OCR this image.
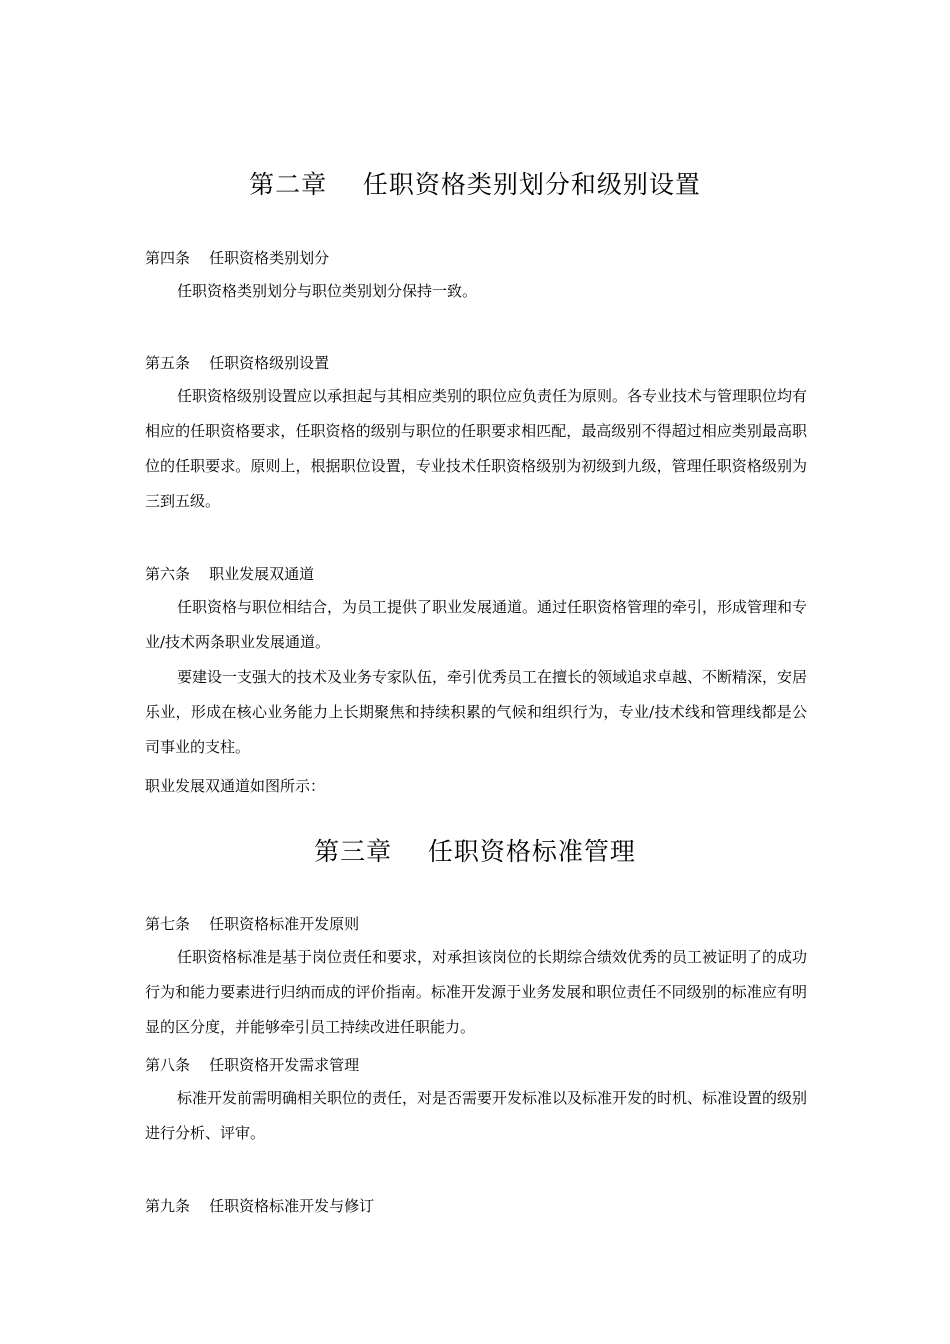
第二章    任职资格类别划分和级别设置
第四条    任职资格类别划分

任职资格类别划分与职位类别划分保持一致。

第五条    任职资格级别设置

任职资格级别设置应以承担起与其相应类别的职位应负责任为原则。各专业技术与管理职位均有相应的任职资格要求，任职资格的级别与职位的任职要求相匹配，最高级别不得超过相应类别最高职位的任职要求。原则上，根据职位设置，专业技术任职资格级别为初级到九级，管理任职资格级别为三到五级。

第六条    职业发展双通道

任职资格与职位相结合，为员工提供了职业发展通道。通过任职资格管理的牵引，形成管理和专业/技术两条职业发展通道。

要建设一支强大的技术及业务专家队伍，牵引优秀员工在擅长的领域追求卓越、不断精深，安居乐业，形成在核心业务能力上长期聚焦和持续积累的气候和组织行为，专业/技术线和管理线都是公司事业的支柱。

职业发展双通道如图所示：

第三章    任职资格标准管理
第七条    任职资格标准开发原则

任职资格标准是基于岗位责任和要求，对承担该岗位的长期综合绩效优秀的员工被证明了的成功行为和能力要素进行归纳而成的评价指南。标准开发源于业务发展和职位责任不同级别的标准应有明显的区分度，并能够牵引员工持续改进任职能力。

第八条    任职资格开发需求管理

标准开发前需明确相关职位的责任，对是否需要开发标准以及标准开发的时机、标准设置的级别进行分析、评审。

第九条    任职资格标准开发与修订
